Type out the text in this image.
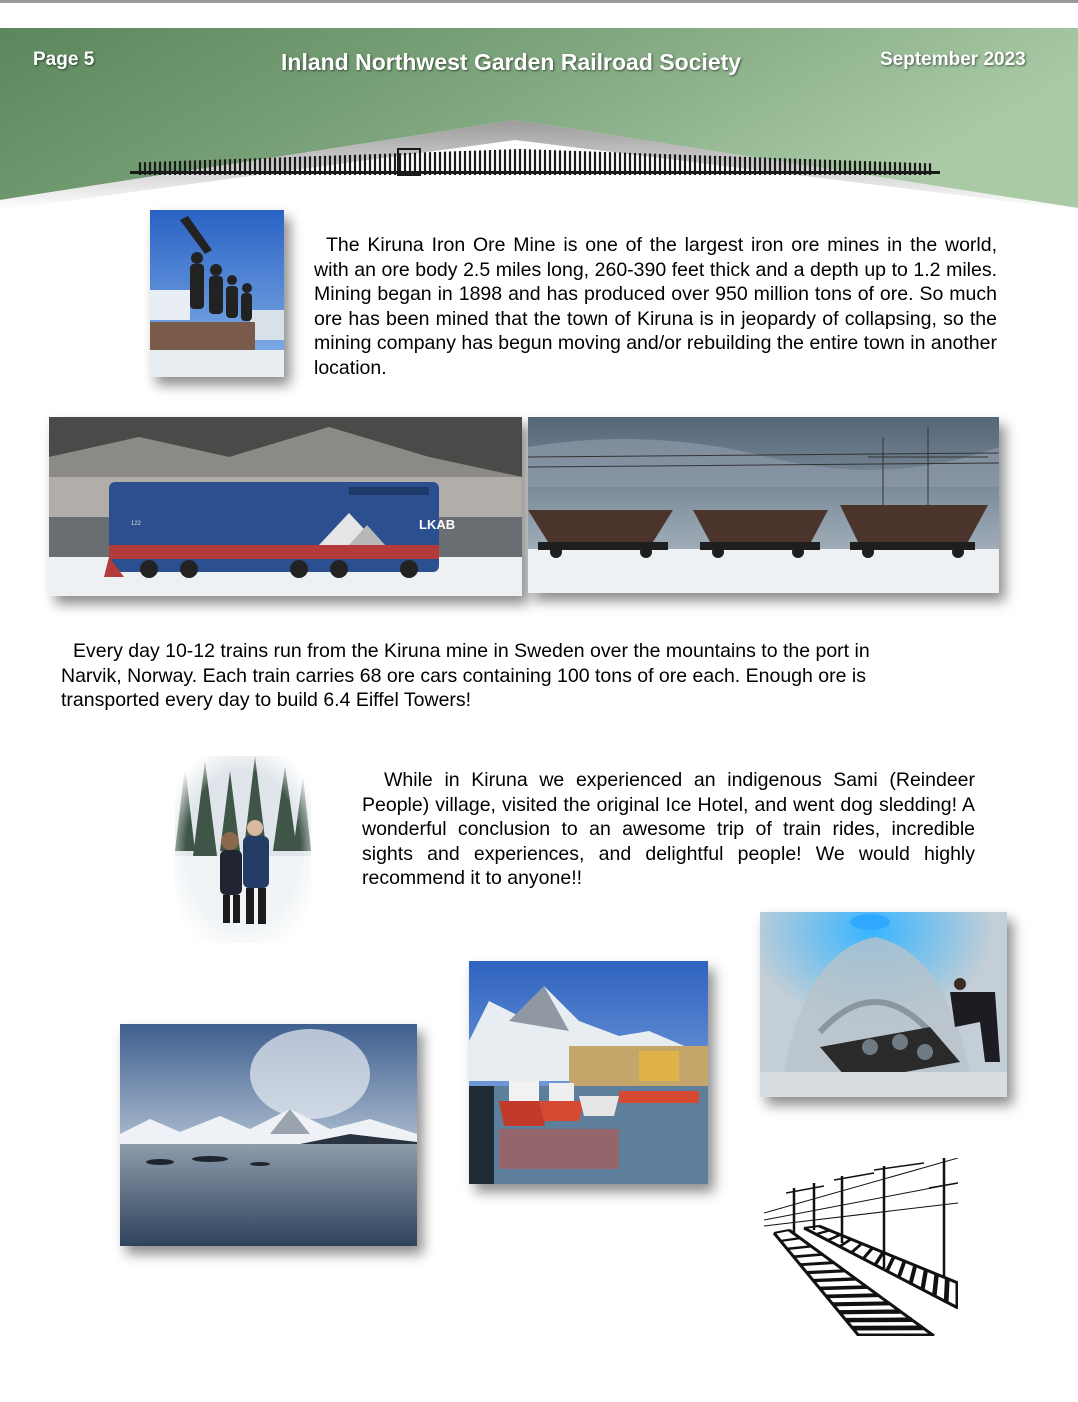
Page 5	Inland Northwest Garden Railroad Society	September 2023
The Kiruna Iron Ore Mine is one of the largest iron ore mines in the world, with an ore body 2.5 miles long, 260-390 feet thick and a depth up to 1.2 miles. Mining began in 1898 and has produced over 950 million tons of ore. So much ore has been mined that the town of Kiruna is in jeopardy of collapsing, so the mining company has begun moving and/or rebuilding the entire town in another location.
LKAB
122
Every day 10-12 trains run from the Kiruna mine in Sweden over the mountains to the port in Narvik, Norway. Each train carries 68 ore cars containing 100 tons of ore each. Enough ore is transported every day to build 6.4 Eiffel Towers!
While in Kiruna we experienced an indigenous Sami (Reindeer People) village, visited the original Ice Hotel, and went dog sledding! A wonderful conclusion to an awesome trip of train rides, incredible sights and experiences, and delightful people! We would highly recommend it to anyone!!
